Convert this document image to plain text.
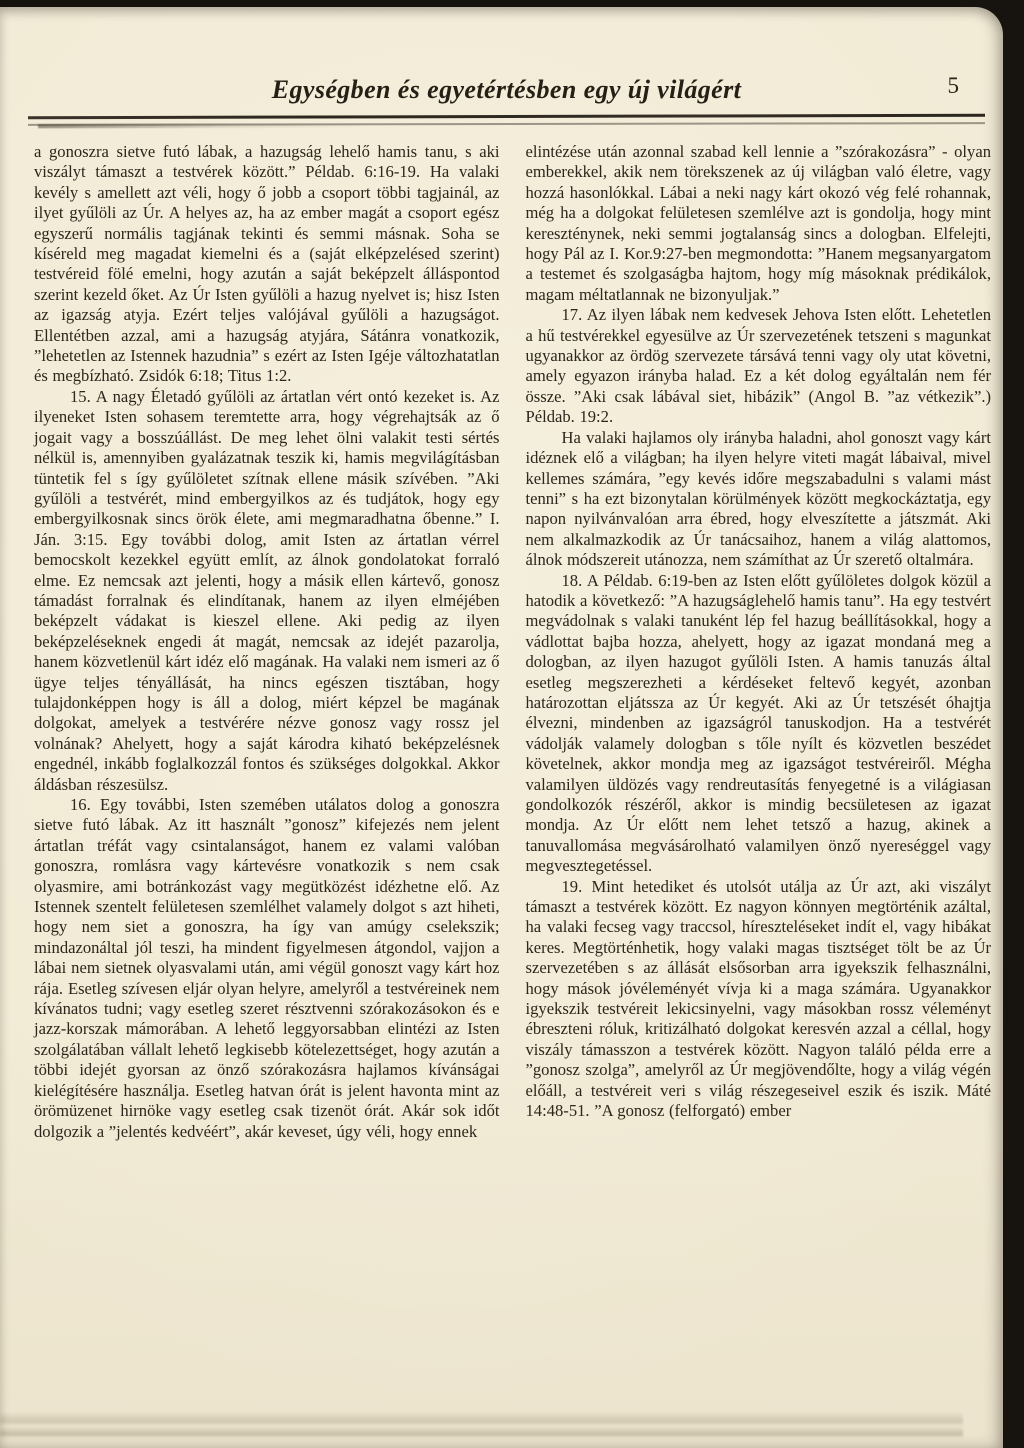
Egységben és egyetértésben egy új világért	5

a gonoszra sietve futó lábak, a hazugság lehelő hamis tanu, s aki viszályt támaszt a testvérek között.” Példab. 6:16-19. Ha valaki kevély s amellett azt véli, hogy ő jobb a csoport többi tagjainál, az ilyet gyűlöli az Úr. A helyes az, ha az ember magát a csoport egész egyszerű normális tagjának tekinti és semmi másnak. Soha se kíséreld meg magadat kiemelni és a (saját elképzelésed szerint) testvéreid fölé emelni, hogy azután a saját beképzelt álláspontod szerint kezeld őket. Az Úr Isten gyűlöli a hazug nyelvet is; hisz Isten az igazság atyja. Ezért teljes valójával gyűlöli a hazugságot. Ellentétben azzal, ami a hazugság atyjára, Sátánra vonatkozik, ”lehetetlen az Istennek hazudnia” s ezért az Isten Igéje változhatatlan és megbízható. Zsidók 6:18; Titus 1:2.

15. A nagy Életadó gyűlöli az ártatlan vért ontó kezeket is. Az ilyeneket Isten sohasem teremtette arra, hogy végrehajtsák az ő jogait vagy a bosszúállást. De meg lehet ölni valakit testi sértés nélkül is, amennyiben gyalázatnak teszik ki, hamis megvilágításban tüntetik fel s így gyűlöletet szítnak ellene másik szívében. ”Aki gyűlöli a testvérét, mind embergyilkos az és tudjátok, hogy egy embergyilkosnak sincs örök élete, ami megmaradhatna őbenne.” I. Ján. 3:15. Egy további dolog, amit Isten az ártatlan vérrel bemocskolt kezekkel együtt említ, az álnok gondolatokat forraló elme. Ez nemcsak azt jelenti, hogy a másik ellen kártevő, gonosz támadást forralnak és elindítanak, hanem az ilyen elméjében beképzelt vádakat is kieszel ellene. Aki pedig az ilyen beképzeléseknek engedi át magát, nemcsak az idejét pazarolja, hanem közvetlenül kárt idéz elő magának. Ha valaki nem ismeri az ő ügye teljes tényállását, ha nincs egészen tisztában, hogy tulajdonképpen hogy is áll a dolog, miért képzel be magának dolgokat, amelyek a testvérére nézve gonosz vagy rossz jel volnának? Ahelyett, hogy a saját károdra kiható beképzelésnek engednél, inkább foglalkozzál fontos és szükséges dolgokkal. Akkor áldásban részesülsz.

16. Egy további, Isten szemében utálatos dolog a gonoszra sietve futó lábak. Az itt használt ”gonosz” kifejezés nem jelent ártatlan tréfát vagy csintalanságot, hanem ez valami valóban gonoszra, romlásra vagy kártevésre vonatkozik s nem csak olyasmire, ami botránkozást vagy megütközést idézhetne elő. Az Istennek szentelt felületesen szemlélhet valamely dolgot s azt hiheti, hogy nem siet a gonoszra, ha így van amúgy cselekszik; mindazonáltal jól teszi, ha mindent figyelmesen átgondol, vajjon a lábai nem sietnek olyasvalami után, ami végül gonoszt vagy kárt hoz rája. Esetleg szívesen eljár olyan helyre, amelyről a testvéreinek nem kívánatos tudni; vagy esetleg szeret résztvenni szórakozásokon és e jazz-korszak mámorában. A lehető leggyorsabban elintézi az Isten szolgálatában vállalt lehető legkisebb kötelezettséget, hogy azután a többi idejét gyorsan az önző szórakozásra hajlamos kívánságai kielégítésére használja. Esetleg hatvan órát is jelent havonta mint az örömüzenet hirnöke vagy esetleg csak tizenöt órát. Akár sok időt dolgozik a ”jelentés kedvéért”, akár keveset, úgy véli, hogy ennek

elintézése után azonnal szabad kell lennie a ”szórakozásra” - olyan emberekkel, akik nem törekszenek az új világban való életre, vagy hozzá hasonlókkal. Lábai a neki nagy kárt okozó vég felé rohannak, még ha a dolgokat felületesen szemlélve azt is gondolja, hogy mint kereszténynek, neki semmi jogtalanság sincs a dologban. Elfelejti, hogy Pál az I. Kor.9:27-ben megmondotta: ”Hanem megsanyargatom a testemet és szolgaságba hajtom, hogy míg másoknak prédikálok, magam méltatlannak ne bizonyuljak.”

17. Az ilyen lábak nem kedvesek Jehova Isten előtt. Lehetetlen a hű testvérekkel egyesülve az Úr szervezetének tetszeni s magunkat ugyanakkor az ördög szervezete társává tenni vagy oly utat követni, amely egyazon irányba halad. Ez a két dolog egyáltalán nem fér össze. ”Aki csak lábával siet, hibázik” (Angol B. ”az vétkezik”.) Példab. 19:2.

Ha valaki hajlamos oly irányba haladni, ahol gonoszt vagy kárt idéznek elő a világban; ha ilyen helyre viteti magát lábaival, mivel kellemes számára, ”egy kevés időre megszabadulni s valami mást tenni” s ha ezt bizonytalan körülmények között megkockáztatja, egy napon nyilvánvalóan arra ébred, hogy elveszítette a játszmát. Aki nem alkalmazkodik az Úr tanácsaihoz, hanem a világ alattomos, álnok módszereit utánozza, nem számíthat az Úr szerető oltalmára.

18. A Példab. 6:19-ben az Isten előtt gyűlöletes dolgok közül a hatodik a következő: ”A hazugságlehelő hamis tanu”. Ha egy testvért megvádolnak s valaki tanuként lép fel hazug beállításokkal, hogy a vádlottat bajba hozza, ahelyett, hogy az igazat mondaná meg a dologban, az ilyen hazugot gyűlöli Isten. A hamis tanuzás által esetleg megszerezheti a kérdéseket feltevő kegyét, azonban határozottan eljátssza az Úr kegyét. Aki az Úr tetszését óhajtja élvezni, mindenben az igazságról tanuskodjon. Ha a testvérét vádolják valamely dologban s tőle nyílt és közvetlen beszédet követelnek, akkor mondja meg az igazságot testvéreiről. Mégha valamilyen üldözés vagy rendreutasítás fenyegetné is a világiasan gondolkozók részéről, akkor is mindig becsületesen az igazat mondja. Az Úr előtt nem lehet tetsző a hazug, akinek a tanuvallomása megvásárolható valamilyen önző nyereséggel vagy megvesztegetéssel.

19. Mint hetediket és utolsót utálja az Úr azt, aki viszályt támaszt a testvérek között. Ez nagyon könnyen megtörténik azáltal, ha valaki fecseg vagy traccsol, híreszteléseket indít el, vagy hibákat keres. Megtörténhetik, hogy valaki magas tisztséget tölt be az Úr szervezetében s az állását elsősorban arra igyekszik felhasználni, hogy mások jóvéleményét vívja ki a maga számára. Ugyanakkor igyekszik testvéreit lekicsinyelni, vagy másokban rossz véleményt ébreszteni róluk, kritizálható dolgokat keresvén azzal a céllal, hogy viszály támasszon a testvérek között. Nagyon találó példa erre a ”gonosz szolga”, amelyről az Úr megjövendőlte, hogy a világ végén előáll, a testvéreit veri s világ részegeseivel eszik és iszik. Máté 14:48-51. ”A gonosz (felforgató) ember
